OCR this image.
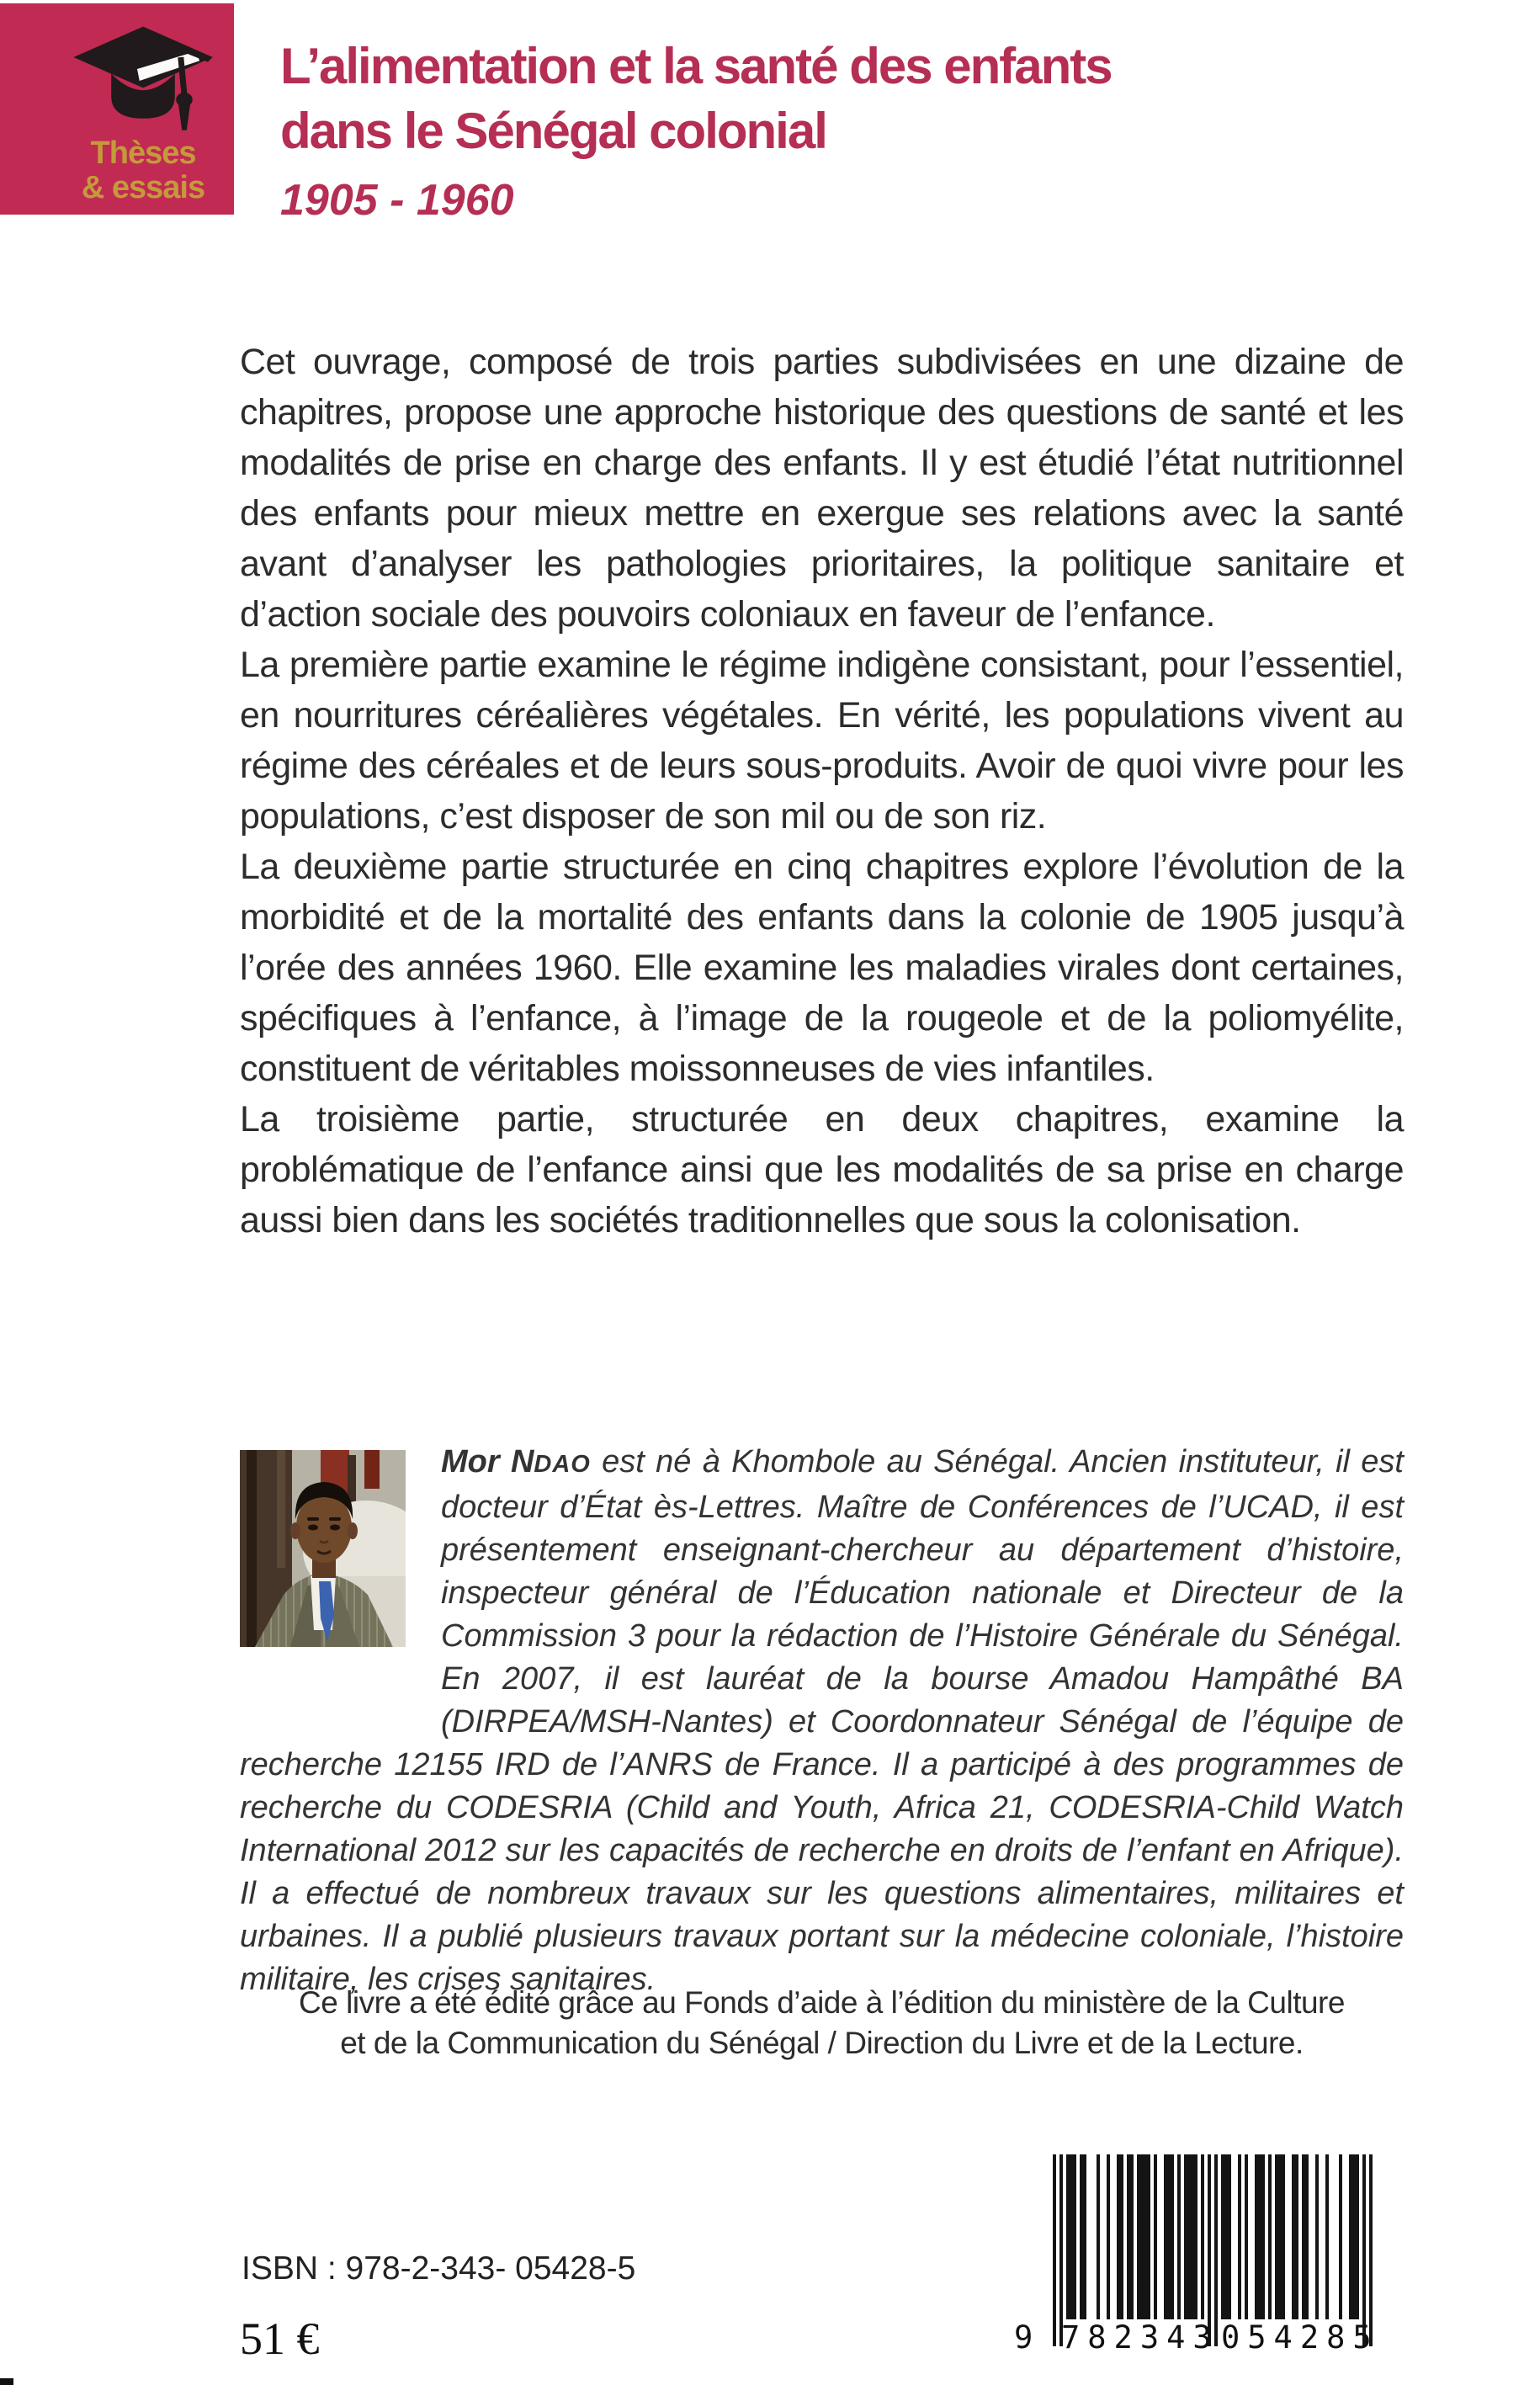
Thèses
& essais
L’alimentation et la santé des enfants
dans le Sénégal colonial
1905 - 1960

Cet ouvrage, composé de trois parties subdivisées en une dizaine de chapitres, propose une approche historique des questions de santé et les modalités de prise en charge des enfants. Il y est étudié l’état nutritionnel des enfants pour mieux mettre en exergue ses relations avec la santé avant d’analyser les pathologies prioritaires, la politique sanitaire et d’action sociale des pouvoirs coloniaux en faveur de l’enfance.

La première partie examine le régime indigène consistant, pour l’essentiel, en nourritures céréalières végétales. En vérité, les populations vivent au régime des céréales et de leurs sous-produits. Avoir de quoi vivre pour les populations, c’est disposer de son mil ou de son riz.

La deuxième partie structurée en cinq chapitres explore l’évolution de la morbidité et de la mortalité des enfants dans la colonie de 1905 jusqu’à l’orée des années 1960. Elle examine les maladies virales dont certaines, spécifiques à l’enfance, à l’image de la rougeole et de la poliomyélite, constituent de véritables moissonneuses de vies infantiles.

La troisième partie, structurée en deux chapitres, examine la problématique de l’enfance ainsi que les modalités de sa prise en charge aussi bien dans les sociétés traditionnelles que sous la colonisation.

Mor NDAO est né à Khombole au Sénégal. Ancien instituteur, il est docteur d’État ès-Lettres. Maître de Conférences de l’UCAD, il est présentement enseignant-chercheur au département d’histoire, inspecteur général de l’Éducation nationale et Directeur de la Commission 3 pour la rédaction de l’Histoire Générale du Sénégal. En 2007, il est lauréat de la bourse Amadou Hampâthé BA (DIRPEA/MSH-Nantes) et Coordonnateur Sénégal de l’équipe de recherche 12155 IRD de l’ANRS de France. Il a participé à des programmes de recherche du CODESRIA (Child and Youth, Africa 21, CODESRIA-Child Watch International 2012 sur les capacités de recherche en droits de l’enfant en Afrique). Il a effectué de nombreux travaux sur les questions alimentaires, militaires et urbaines. Il a publié plusieurs travaux portant sur la médecine coloniale, l’histoire militaire, les crises sanitaires.

Ce livre a été édité grâce au Fonds d’aide à l’édition du ministère de la Culture
et de la Communication du Sénégal / Direction du Livre et de la Lecture.
ISBN : 978-2-343- 05428-5
51 €	9 782343 054285
